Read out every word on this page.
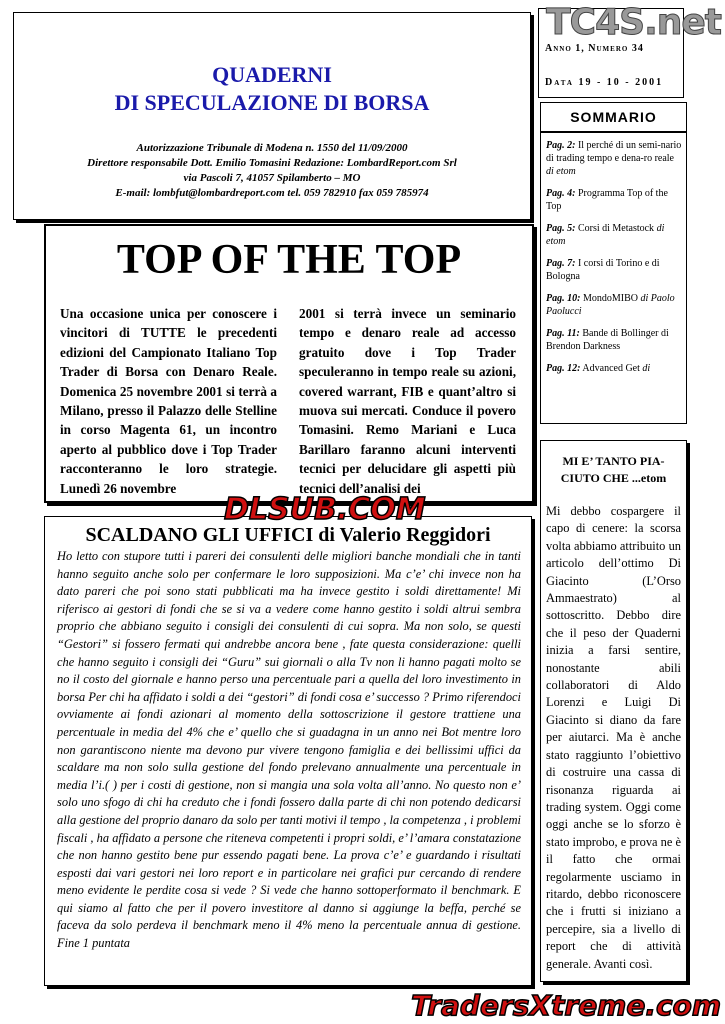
QUADERNI
DI SPECULAZIONE DI BORSA
Autorizzazione Tribunale di Modena n. 1550 del 11/09/2000
Direttore responsabile Dott. Emilio Tomasini Redazione: LombardReport.com Srl
via Pascoli 7, 41057 Spilamberto – MO
E-mail: lombfut@lombardreport.com tel. 059 782910 fax 059 785974
Anno 1, Numero 34
Data 19 - 10 - 2001
SOMMARIO
Pag. 2: Il perché di un semi-nario di trading tempo e dena-ro reale di etom
Pag. 4: Programma Top of the Top
Pag. 5: Corsi di Metastock di etom
Pag. 7: I corsi di Torino e di Bologna
Pag. 10: MondoMIBO di Paolo Paolucci
Pag. 11: Bande di Bollinger di Brendon Darkness
Pag. 12: Advanced Get di
TOP OF THE TOP
Una occasione unica per conoscere i vincitori di TUTTE le precedenti edizioni del Campionato Italiano Top Trader di Borsa con Denaro Reale. Domenica 25 novembre 2001 si terrà a Milano, presso il Palazzo delle Stelline in corso Magenta 61, un incontro aperto al pubblico dove i Top Trader racconteranno le loro strategie. Lunedì 26 novembre
2001 si terrà invece un seminario tempo e denaro reale ad accesso gratuito dove i Top Trader speculeranno in tempo reale su azioni, covered warrant, FIB e quant’altro si muova sui mercati. Conduce il povero Tomasini. Remo Mariani e Luca Barillaro faranno alcuni interventi tecnici per delucidare gli aspetti più tecnici dell’analisi dei
SCALDANO GLI UFFICI di Valerio Reggidori
Ho letto con stupore tutti i pareri dei consulenti delle migliori banche mondiali che in tanti hanno seguito anche solo per confermare le loro supposizioni. Ma c’e’ chi invece non ha dato pareri che poi sono stati pubblicati ma ha invece gestito i soldi direttamente! Mi riferisco ai gestori di fondi che se si va a vedere come hanno gestito i soldi altrui sembra proprio che abbiano seguito i consigli dei consulenti di cui sopra. Ma non solo, se questi “Gestori” si fossero fermati qui andrebbe ancora bene , fate questa considerazione: quelli che hanno seguito i consigli dei “Guru” sui giornali o alla Tv non li hanno pagati molto se no il costo del giornale e hanno perso una percentuale pari a quella del loro investimento in borsa Per chi ha affidato i soldi a dei “gestori” di fondi cosa e’ successo ? Primo riferendoci ovviamente ai fondi azionari al momento della sottoscrizione il gestore trattiene una percentuale in media del 4% che e’ quello che si guadagna in un anno nei Bot mentre loro non garantiscono niente ma devono pur vivere tengono famiglia e dei bellissimi uffici da scaldare ma non solo sulla gestione del fondo prelevano annualmente una percentuale in media l’i.( ) per i costi di gestione, non si mangia una sola volta all’anno. No questo non e’ solo uno sfogo di chi ha creduto che i fondi fossero dalla parte di chi non potendo dedicarsi alla gestione del proprio danaro da solo per tanti motivi il tempo , la competenza , i problemi fiscali , ha affidato a persone che riteneva competenti i propri soldi, e’ l’amara constatazione che non hanno gestito bene pur essendo pagati bene. La prova c’e’ e guardando i risultati esposti dai vari gestori nei loro report e in particolare nei grafici pur cercando di rendere meno evidente le perdite cosa si vede ? Si vede che hanno sottoperformato il benchmark. E qui siamo al fatto che per il povero investitore al danno si aggiunge la beffa, perché se faceva da solo perdeva il benchmark meno il 4% meno la percentuale annua di gestione. Fine 1 puntata
MI E’ TANTO PIA-
CIUTO CHE ...etom
Mi debbo cospargere il capo di cenere: la scorsa volta abbiamo attribuito un articolo dell’ottimo Di Giacinto (L’Orso Ammaestrato) al sottoscritto. Debbo dire che il peso der Quaderni inizia a farsi sentire, nonostante abili collaboratori di Aldo Lorenzi e Luigi Di Giacinto si diano da fare per aiutarci. Ma è anche stato raggiunto l’obiettivo di costruire una cassa di risonanza riguarda ai trading system. Oggi come oggi anche se lo sforzo è stato improbo, e prova ne è il fatto che ormai regolarmente usciamo in ritardo, debbo riconoscere che i frutti si iniziano a percepire, sia a livello di report che di attività generale. Avanti così.
TC4S.net
DLSUB.COM
TradersXtreme.com
